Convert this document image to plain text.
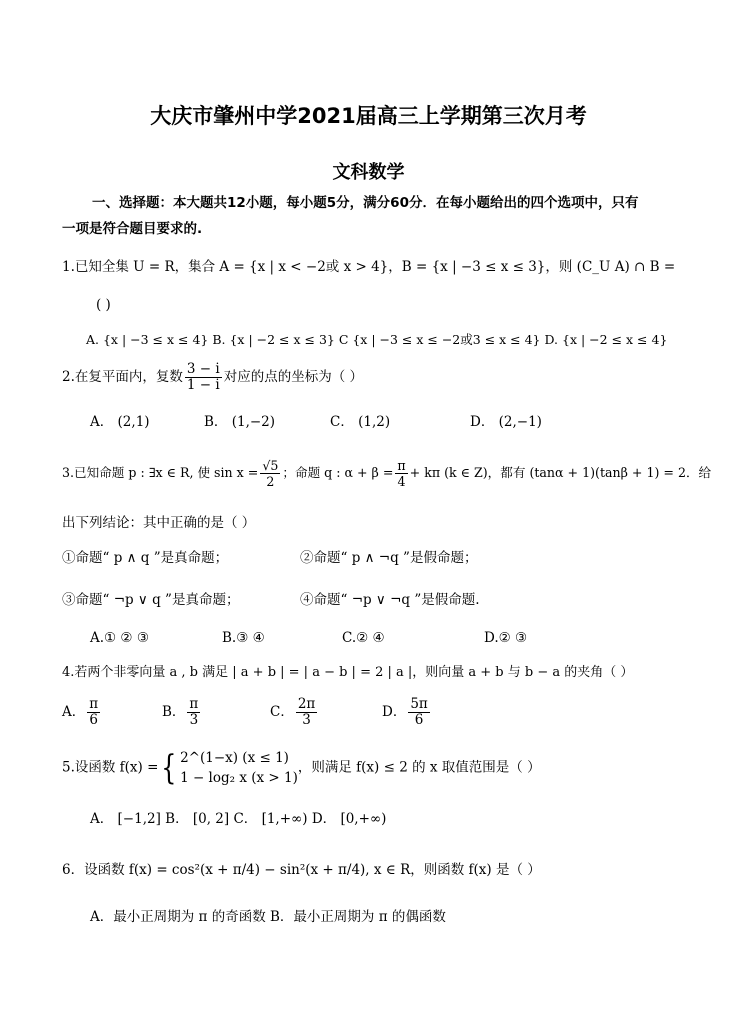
大庆市肇州中学2021届高三上学期第三次月考
文科数学
一、选择题：本大题共12小题，每小题5分，满分60分．在每小题给出的四个选项中，只有
一项是符合题目要求的.
1.已知全集 U = R，集合 A = {x | x < −2或 x > 4}，B = {x | −3 ≤ x ≤ 3}，则 (C_U A) ∩ B =
( )
A. {x | −3 ≤ x ≤ 4} B. {x | −2 ≤ x ≤ 3} C {x | −3 ≤ x ≤ −2或3 ≤ x ≤ 4} D. {x | −2 ≤ x ≤ 4}
2.在复平面内，复数 $\frac{3 - i}{1 - i}$ 对应的点的坐标为（ ）
A． (2,1)	B． (1,−2)	C． (1,2)	D． (2,−1)
3.已知命题 p : ∃x ∈ R, 使 $\sin x = \frac{√5}{2}$ ；命题 q : $\alpha + \beta = \frac{\pi}{4} + k\pi$ (k ∈ Z)，都有 (tanα + 1)(tanβ + 1) = 2．给
出下列结论：其中正确的是（ ）
①命题“ p ∧ q ”是真命题；	②命题“ p ∧ ¬q ”是假命题；
③命题“ ¬p ∨ q ”是真命题；	④命题“ ¬p ∨ ¬q ”是假命题.
A.① ② ③	B.③ ④	C.② ④	D.② ③
4.若两个非零向量 a , b 满足 | a + b | = | a − b | = 2 | a |，则向量 a + b 与 b − a 的夹角（ ）
A． $\frac{\pi}{6}$	B． $\frac{\pi}{3}$	C． $\frac{2\pi}{3}$	D． $\frac{5\pi}{6}$
5.设函数 f(x) ={ 2^(1−x) (x ≤ 1)
1 − log₂ x (x > 1)
，则满足 f(x) ≤ 2 的 x 取值范围是（ ）
A． [−1,2] B． [0, 2] C． [1,+∞) D． [0,+∞)
6．设函数 f(x) = cos²(x + π/4) − sin²(x + π/4), x ∈ R，则函数 f(x) 是（ ）
A．最小正周期为 π 的奇函数 B．最小正周期为 π 的偶函数
